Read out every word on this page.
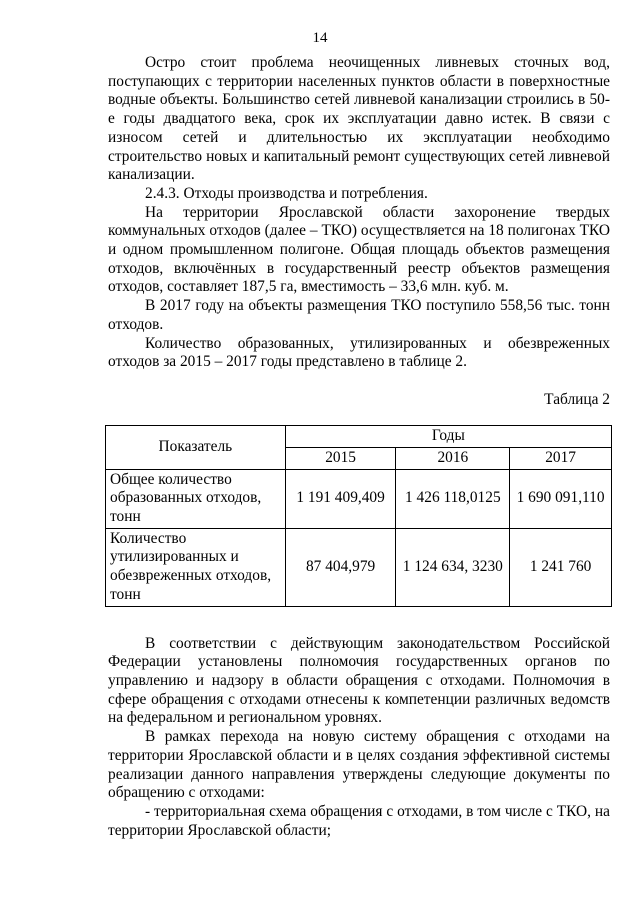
14

Остро стоит проблема неочищенных ливневых сточных вод, поступающих с территории населенных пунктов области в поверхностные водные объекты. Большинство сетей ливневой канализации строились в 50-е годы двадцатого века, срок их эксплуатации давно истек. В связи с износом сетей и длительностью их эксплуатации необходимо строительство новых и капитальный ремонт существующих сетей ливневой канализации.

2.4.3. Отходы производства и потребления.

На территории Ярославской области захоронение твердых коммунальных отходов (далее – ТКО) осуществляется на 18 полигонах ТКО и одном промышленном полигоне. Общая площадь объектов размещения отходов, включённых в государственный реестр объектов размещения отходов, составляет 187,5 га, вместимость – 33,6 млн. куб. м.

В 2017 году на объекты размещения ТКО поступило 558,56 тыс. тонн отходов.

Количество образованных, утилизированных и обезвреженных отходов за 2015 – 2017 годы представлено в таблице 2.

Таблица 2
Показатель	Годы		
	2015	2016	2017
Общее количество образованных отходов, тонн	1 191 409,409	1 426 118,0125	1 690 091,110
Количество утилизированных и обезвреженных отходов, тонн	87 404,979	1 124 634, 3230	1 241 760

В соответствии с действующим законодательством Российской Федерации установлены полномочия государственных органов по управлению и надзору в области обращения с отходами. Полномочия в сфере обращения с отходами отнесены к компетенции различных ведомств на федеральном и региональном уровнях.

В рамках перехода на новую систему обращения с отходами на территории Ярославской области и в целях создания эффективной системы реализации данного направления утверждены следующие документы по обращению с отходами:

- территориальная схема обращения с отходами, в том числе с ТКО, на территории Ярославской области;
